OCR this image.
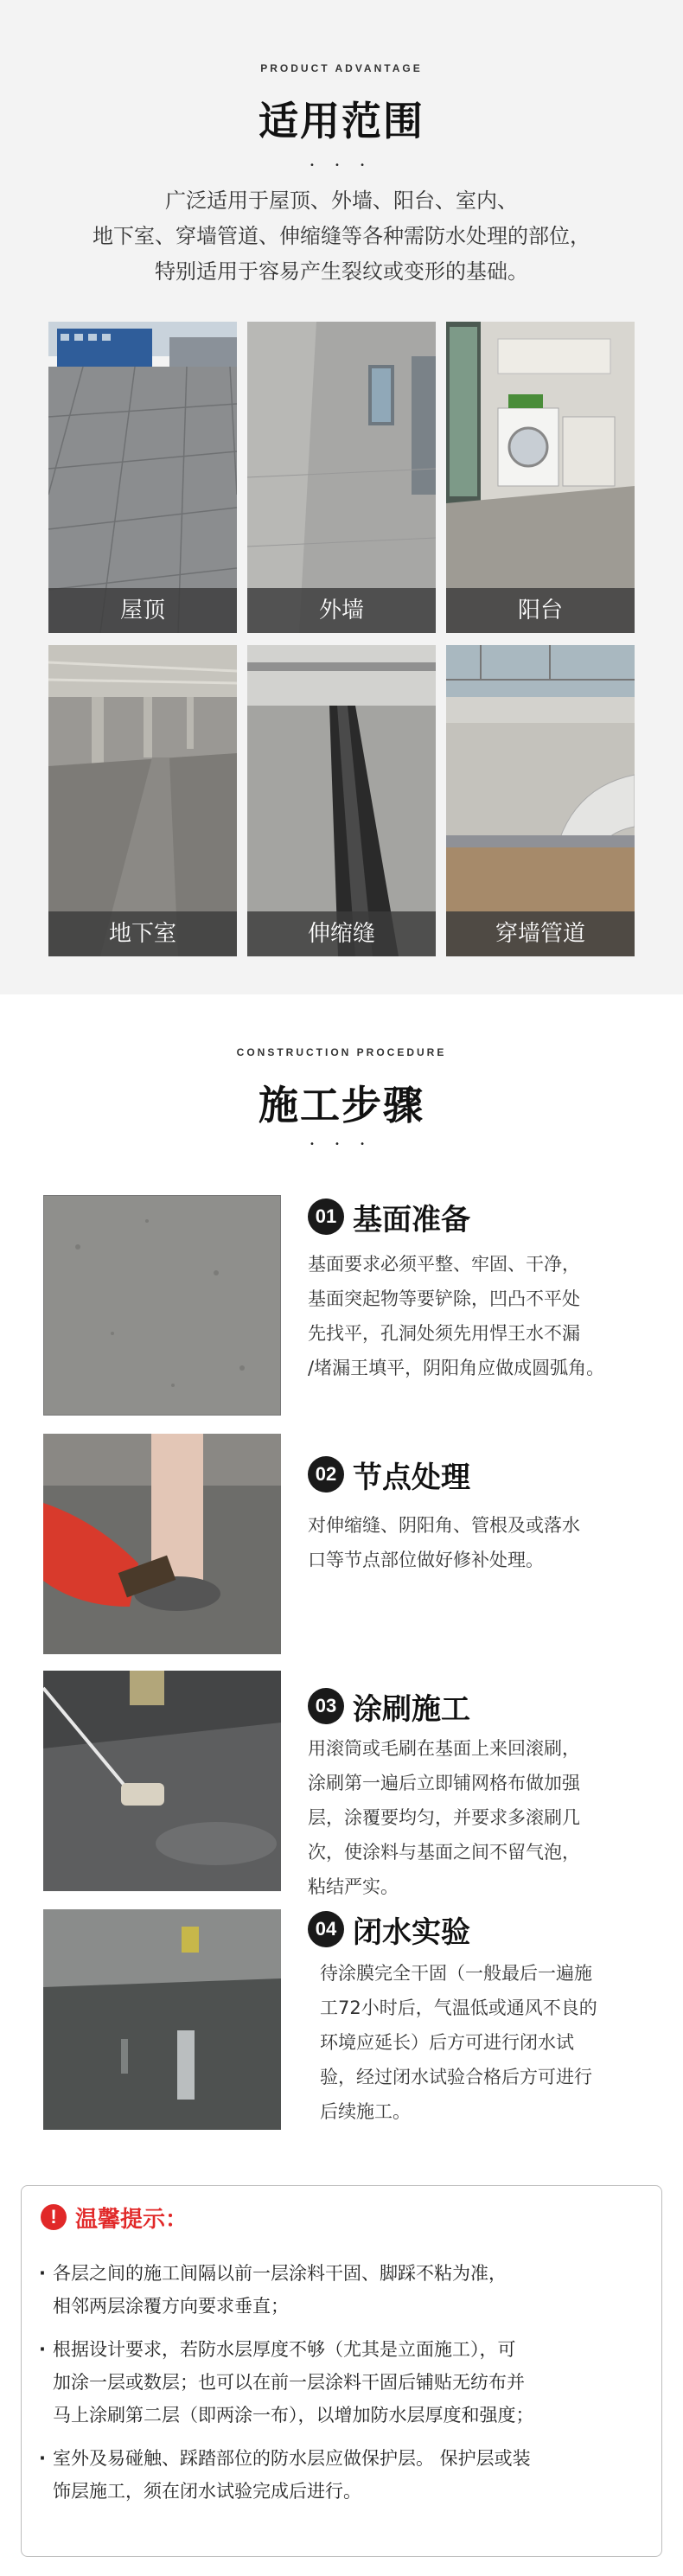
PRODUCT ADVANTAGE
适用范围
• • •
广泛适用于屋顶、外墙、阳台、室内、
地下室、穿墙管道、伸缩缝等各种需防水处理的部位，
特别适用于容易产生裂纹或变形的基础。
屋顶	外墙	阳台
地下室	伸缩缝	穿墙管道
CONSTRUCTION PROCEDURE
施工步骤
• • •
01 基面准备
基面要求必须平整、牢固、干净，
基面突起物等要铲除，凹凸不平处
先找平，孔洞处须先用悍王水不漏
/堵漏王填平，阴阳角应做成圆弧角。
02 节点处理
对伸缩缝、阴阳角、管根及或落水
口等节点部位做好修补处理。
03 涂刷施工
用滚筒或毛刷在基面上来回滚刷，
涂刷第一遍后立即铺网格布做加强
层，涂覆要均匀，并要求多滚刷几
次，使涂料与基面之间不留气泡，
粘结严实。
04 闭水实验
待涂膜完全干固（一般最后一遍施
工72小时后，气温低或通风不良的
环境应延长）后方可进行闭水试
验，经过闭水试验合格后方可进行
后续施工。
! 温馨提示：
· 各层之间的施工间隔以前一层涂料干固、脚踩不粘为准，
相邻两层涂覆方向要求垂直；
· 根据设计要求，若防水层厚度不够（尤其是立面施工），可
加涂一层或数层；也可以在前一层涂料干固后铺贴无纺布并
马上涂刷第二层（即两涂一布），以增加防水层厚度和强度；
· 室外及易碰触、踩踏部位的防水层应做保护层。 保护层或装
饰层施工，须在闭水试验完成后进行。
